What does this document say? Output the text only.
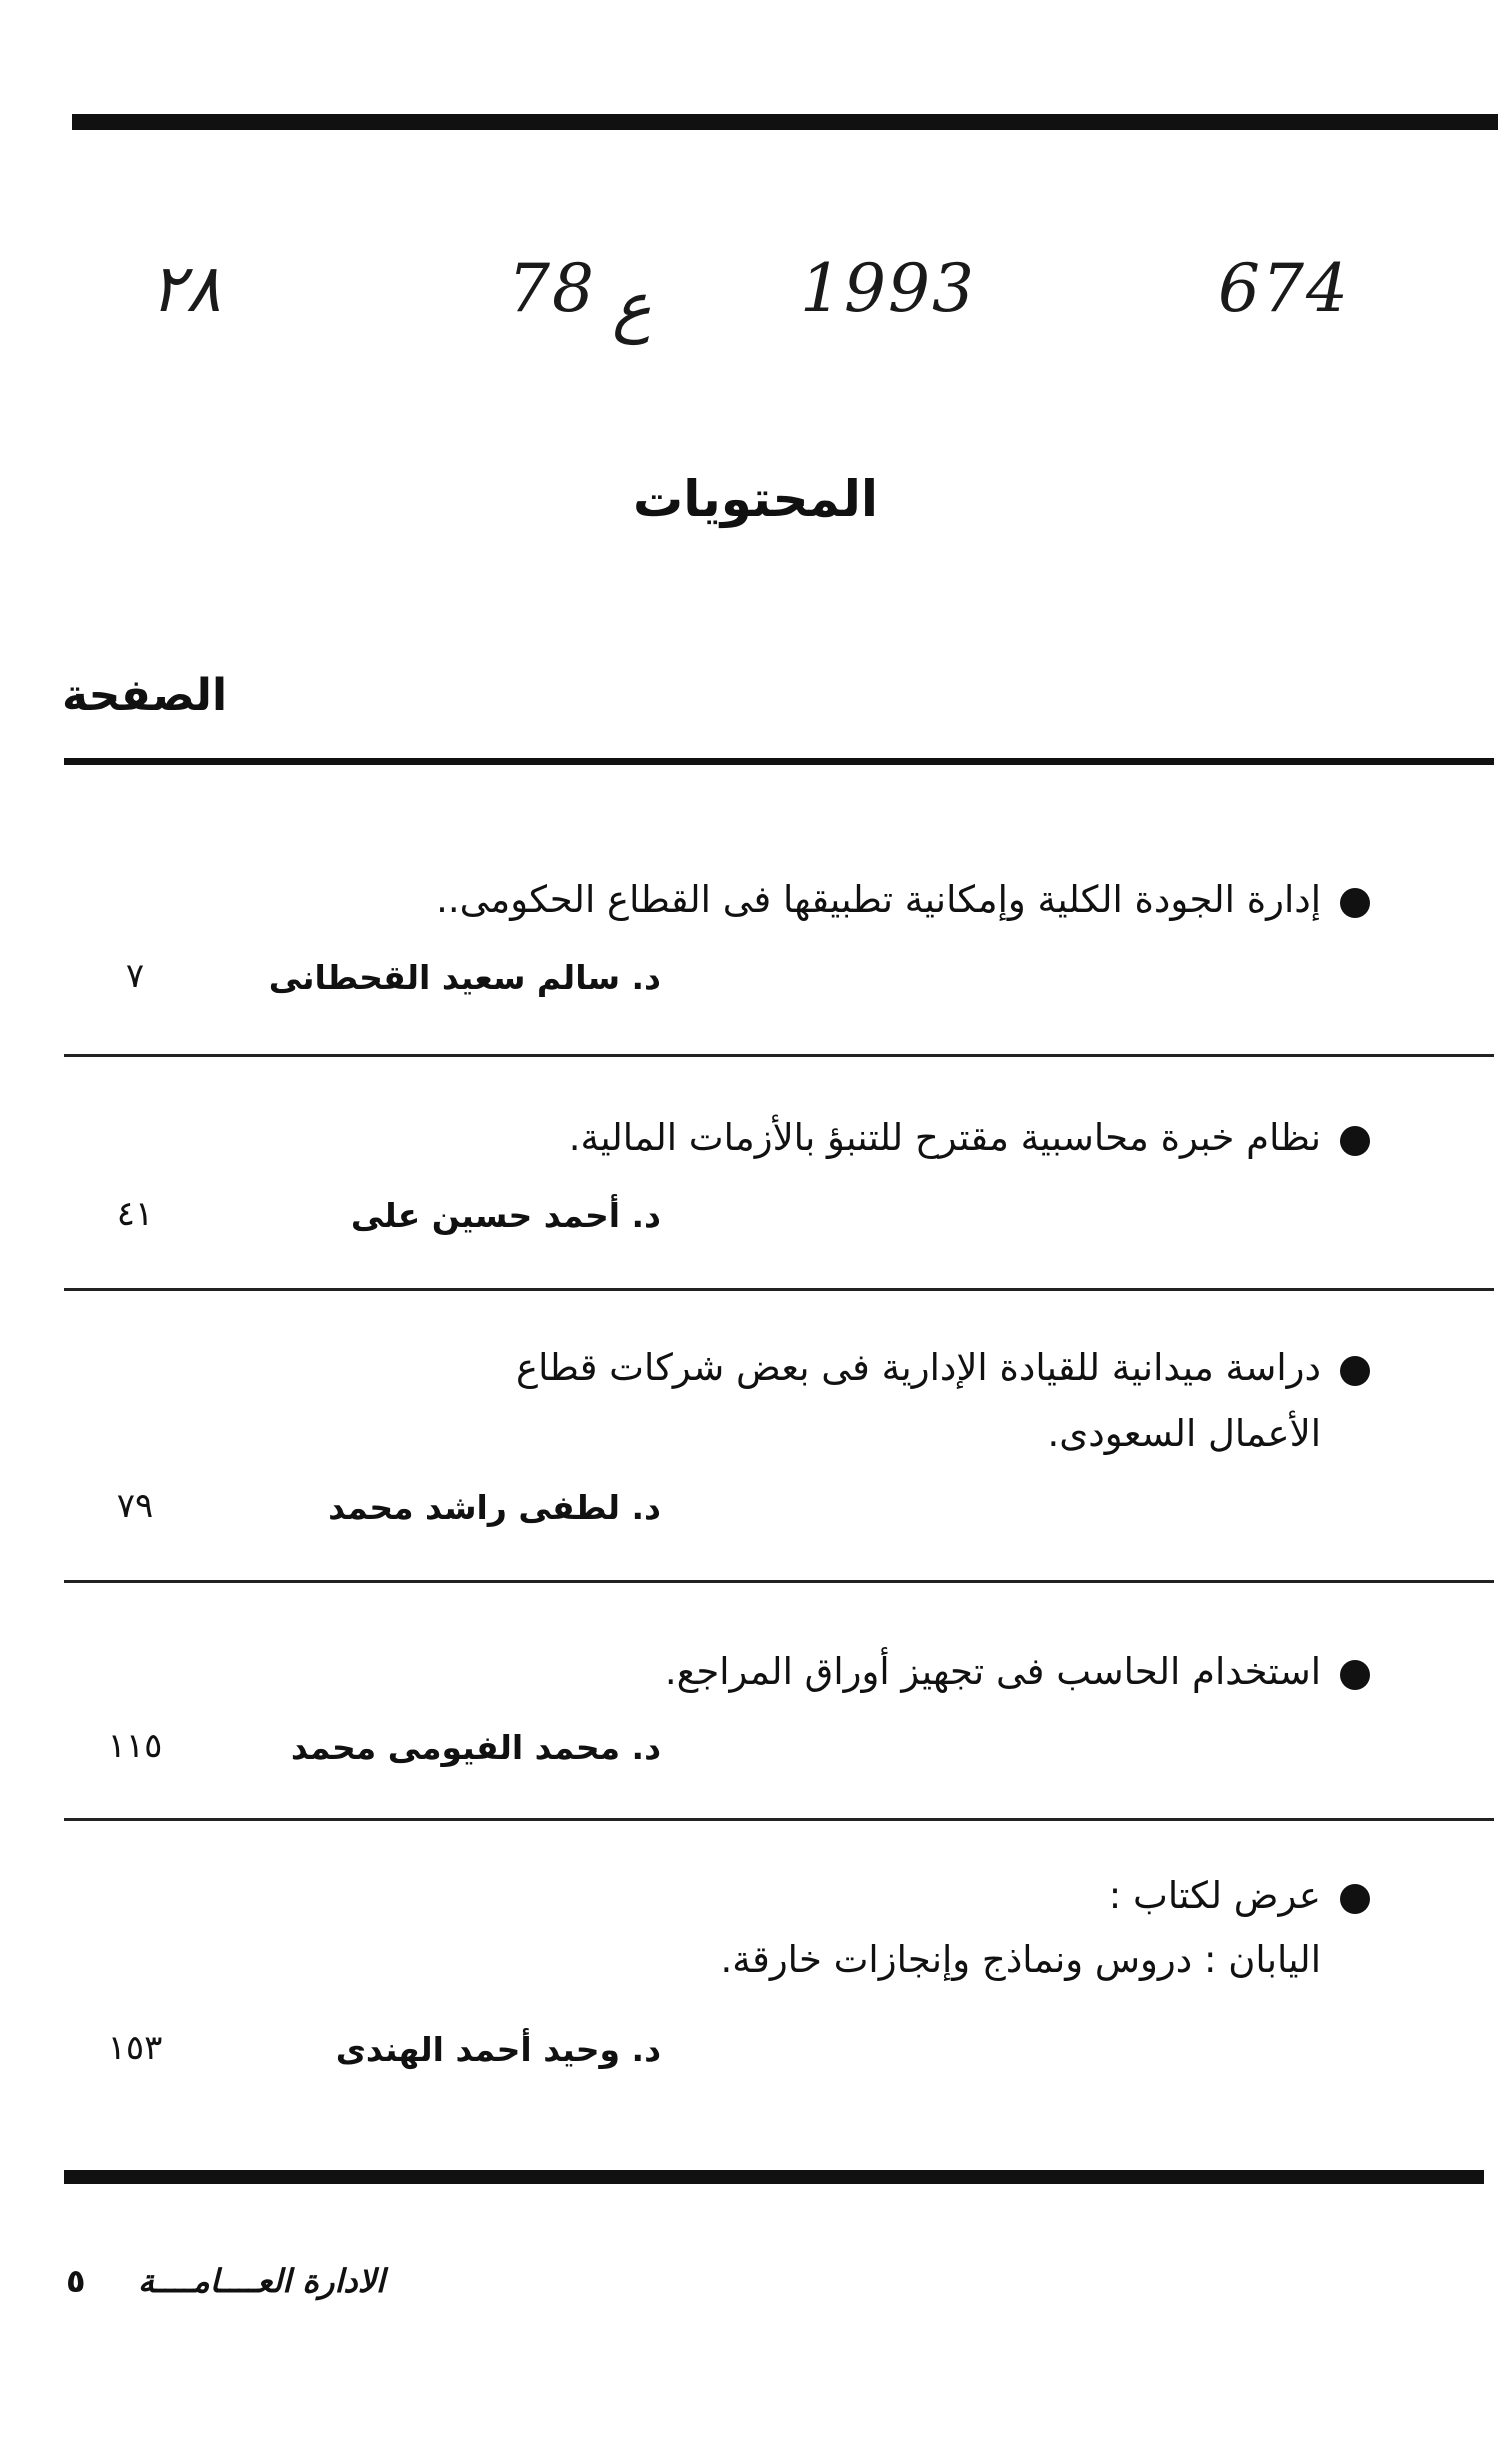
٢٨	78 ع 1993	674
المحتويات
الصفحة
إدارة الجودة الكلية وإمكانية تطبيقها فى القطاع الحكومى..
د. سالم سعيد القحطانى
٧
نظام خبرة محاسبية مقترح للتنبؤ بالأزمات المالية.
د. أحمد حسين على
٤١
دراسة ميدانية للقيادة الإدارية فى بعض شركات قطاع
الأعمال السعودى.
د. لطفى راشد محمد
٧٩
استخدام الحاسب فى تجهيز أوراق المراجع.
د. محمد الفيومى محمد
١١٥
عرض لكتاب :
اليابان : دروس ونماذج وإنجازات خارقة.
د. وحيد أحمد الهندى
١٥٣
٥ الادارة العــــامــــة
